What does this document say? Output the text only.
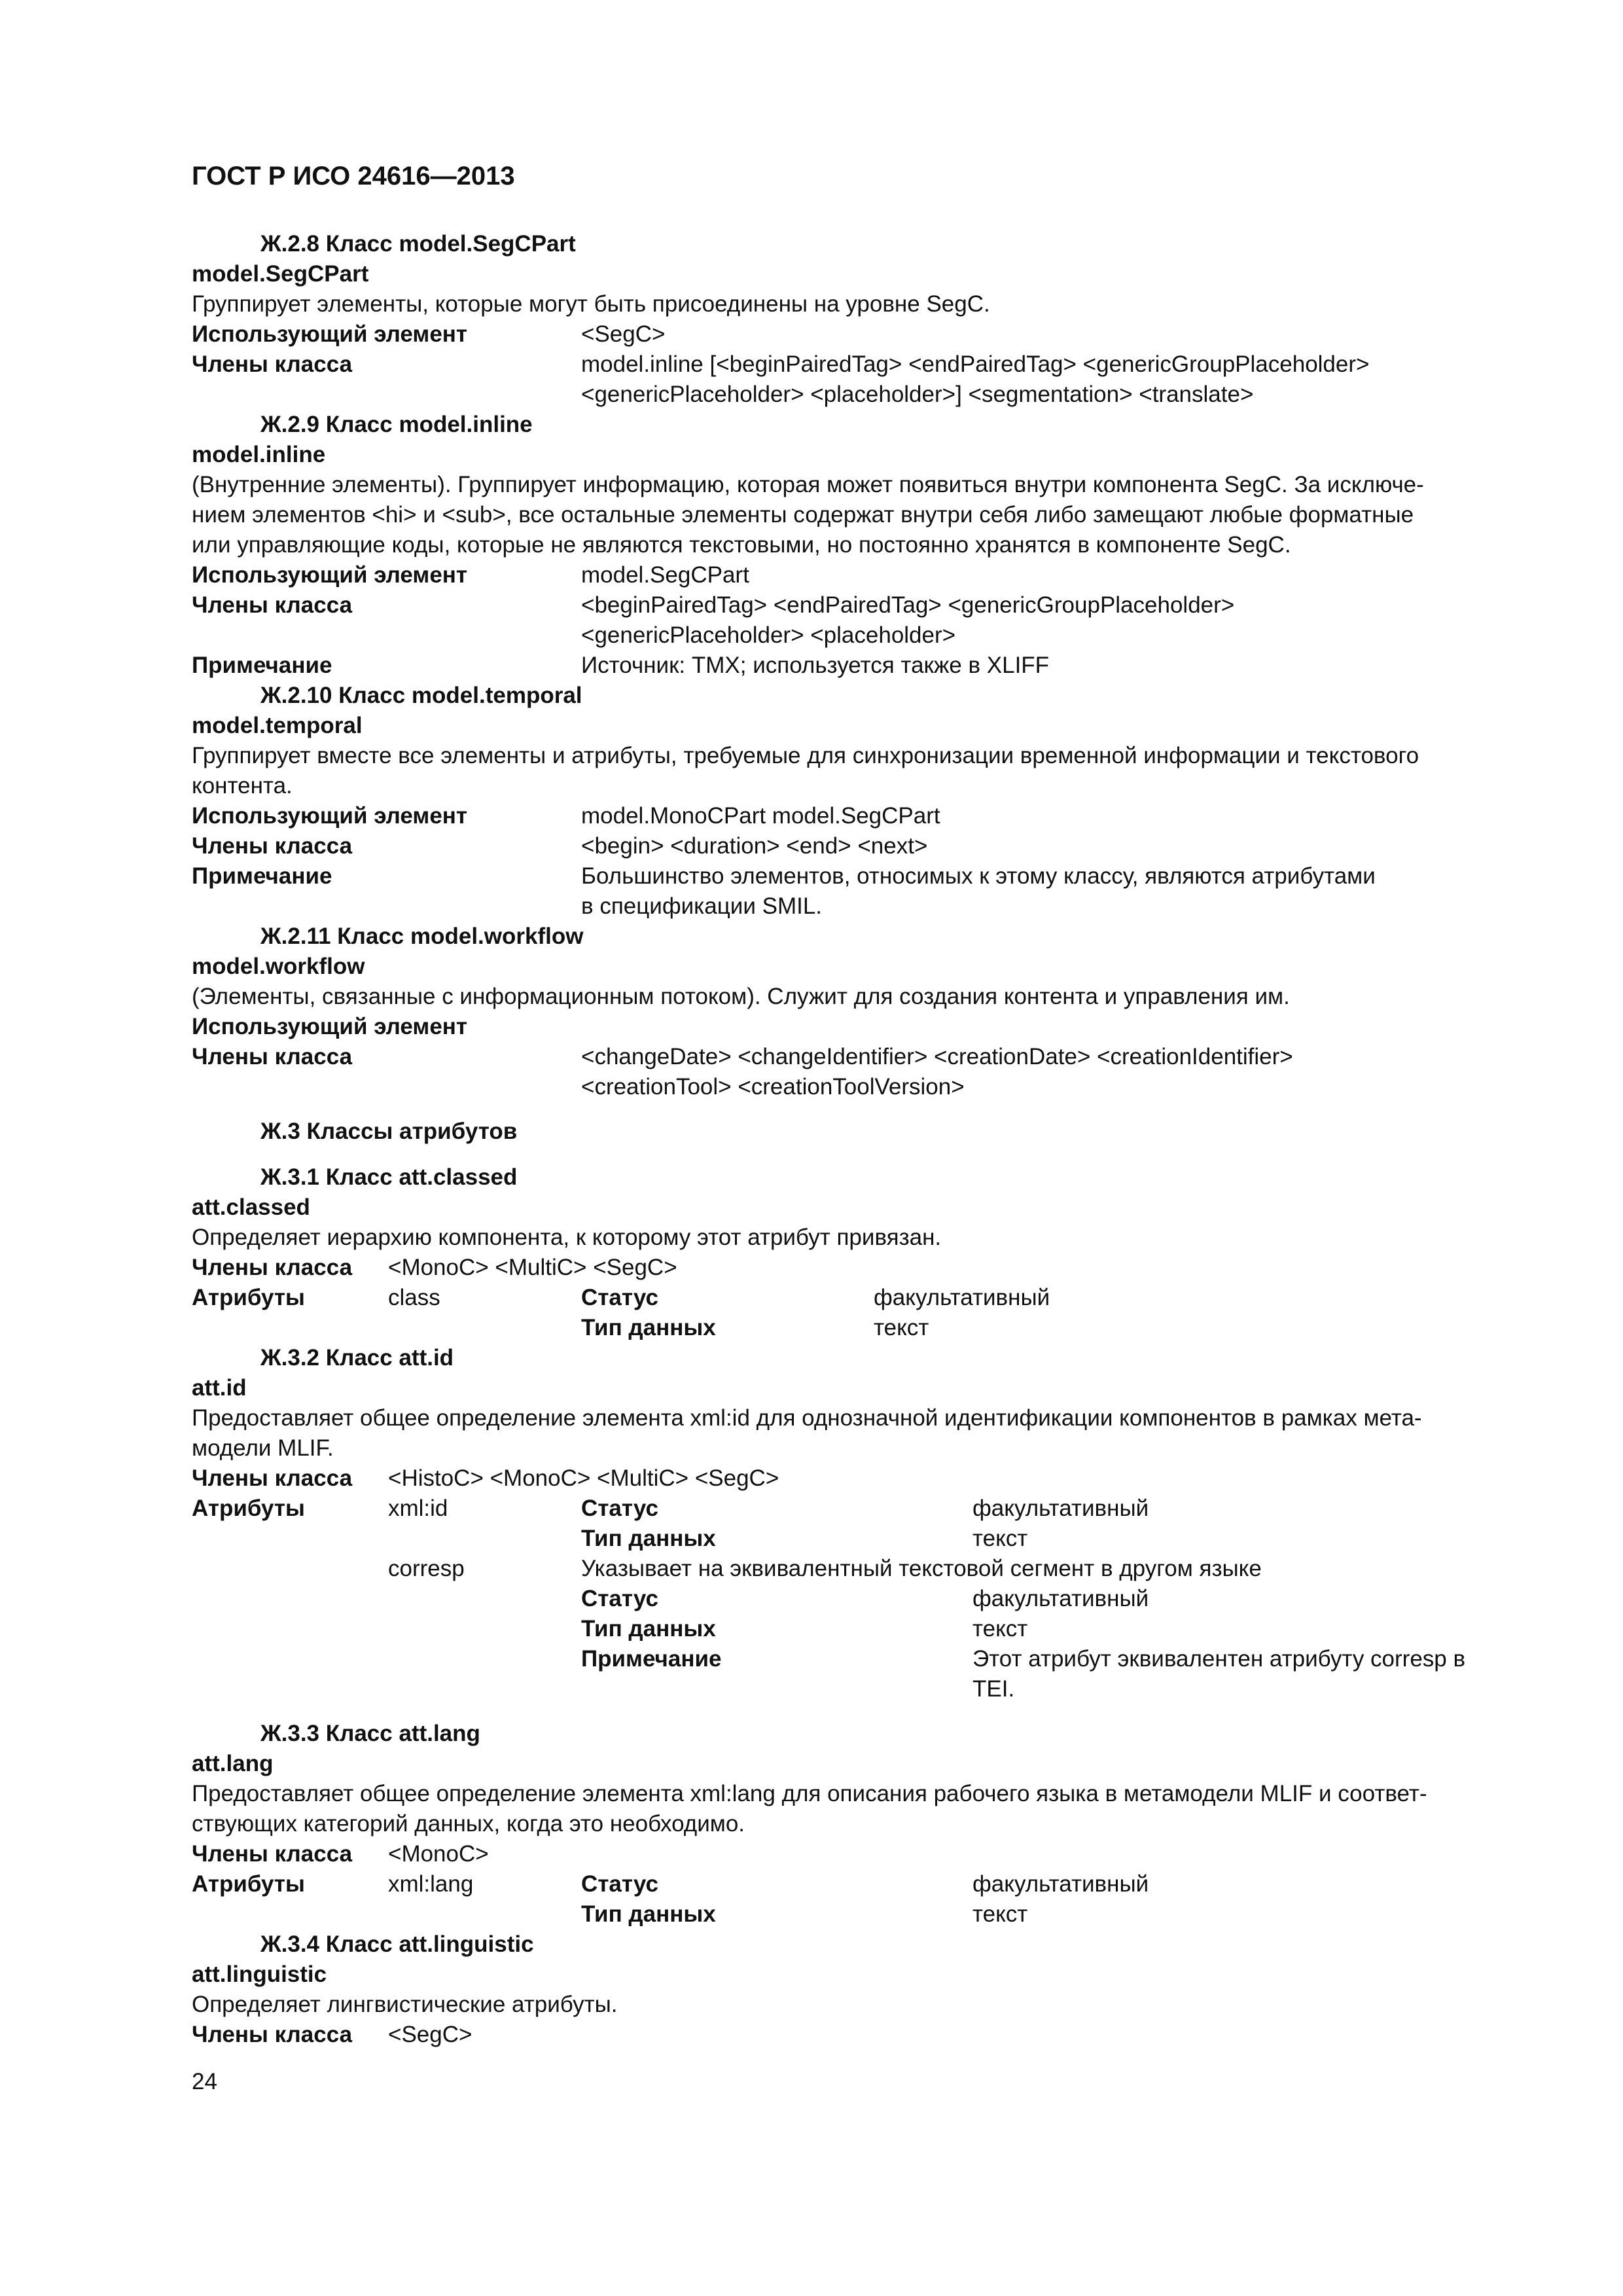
ГОСТ Р ИСО 24616—2013
Ж.2.8 Класс model.SegCPart
model.SegCPart
Группирует элементы, которые могут быть присоединены на уровне SegC.
Использующий элемент	<SegC>
Члены класса	model.inline [<beginPairedTag> <endPairedTag> <genericGroupPlaceholder>
<genericPlaceholder> <placeholder>] <segmentation> <translate>
Ж.2.9 Класс model.inline
model.inline
(Внутренние элементы). Группирует информацию, которая может появиться внутри компонента SegC. За исключе-
нием элементов <hi> и <sub>, все остальные элементы содержат внутри себя либо замещают любые форматные
или управляющие коды, которые не являются текстовыми, но постоянно хранятся в компоненте SegC.
Использующий элемент	model.SegCPart
Члены класса	<beginPairedTag> <endPairedTag> <genericGroupPlaceholder>
<genericPlaceholder> <placeholder>
Примечание	Источник: TMX; используется также в XLIFF
Ж.2.10 Класс model.temporal
model.temporal
Группирует вместе все элементы и атрибуты, требуемые для синхронизации временной информации и текстового
контента.
Использующий элемент	model.MonoCPart model.SegCPart
Члены класса	<begin> <duration> <end> <next>
Примечание	Большинство элементов, относимых к этому классу, являются атрибутами
в спецификации SMIL.
Ж.2.11 Класс model.workflow
model.workflow
(Элементы, связанные с информационным потоком). Служит для создания контента и управления им.
Использующий элемент
Члены класса	<changeDate> <changeIdentifier> <creationDate> <creationIdentifier>
<creationTool> <creationToolVersion>
Ж.3 Классы атрибутов
Ж.3.1 Класс att.classed
att.classed
Определяет иерархию компонента, к которому этот атрибут привязан.
Члены класса <MonoC> <MultiC> <SegC>
Атрибуты	class	Статус	факультативный
Тип данных	текст
Ж.3.2 Класс att.id
att.id
Предоставляет общее определение элемента xml:id для однозначной идентификации компонентов в рамках мета-
модели MLIF.
Члены класса <HistoC> <MonoC> <MultiC> <SegC>
Атрибуты	xml:id	Статус	факультативный
Тип данных	текст
corresp	Указывает на эквивалентный текстовой сегмент в другом языке
Статус	факультативный
Тип данных	текст
Примечание	Этот атрибут эквивалентен атрибуту corresp в
TEI.
Ж.3.3 Класс att.lang
att.lang
Предоставляет общее определение элемента xml:lang для описания рабочего языка в метамодели MLIF и соответ-
ствующих категорий данных, когда это необходимо.
Члены класса <MonoC>
Атрибуты	xml:lang	Статус	факультативный
Тип данных	текст
Ж.3.4 Класс att.linguistic
att.linguistic
Определяет лингвистические атрибуты.
Члены класса <SegC>
24
